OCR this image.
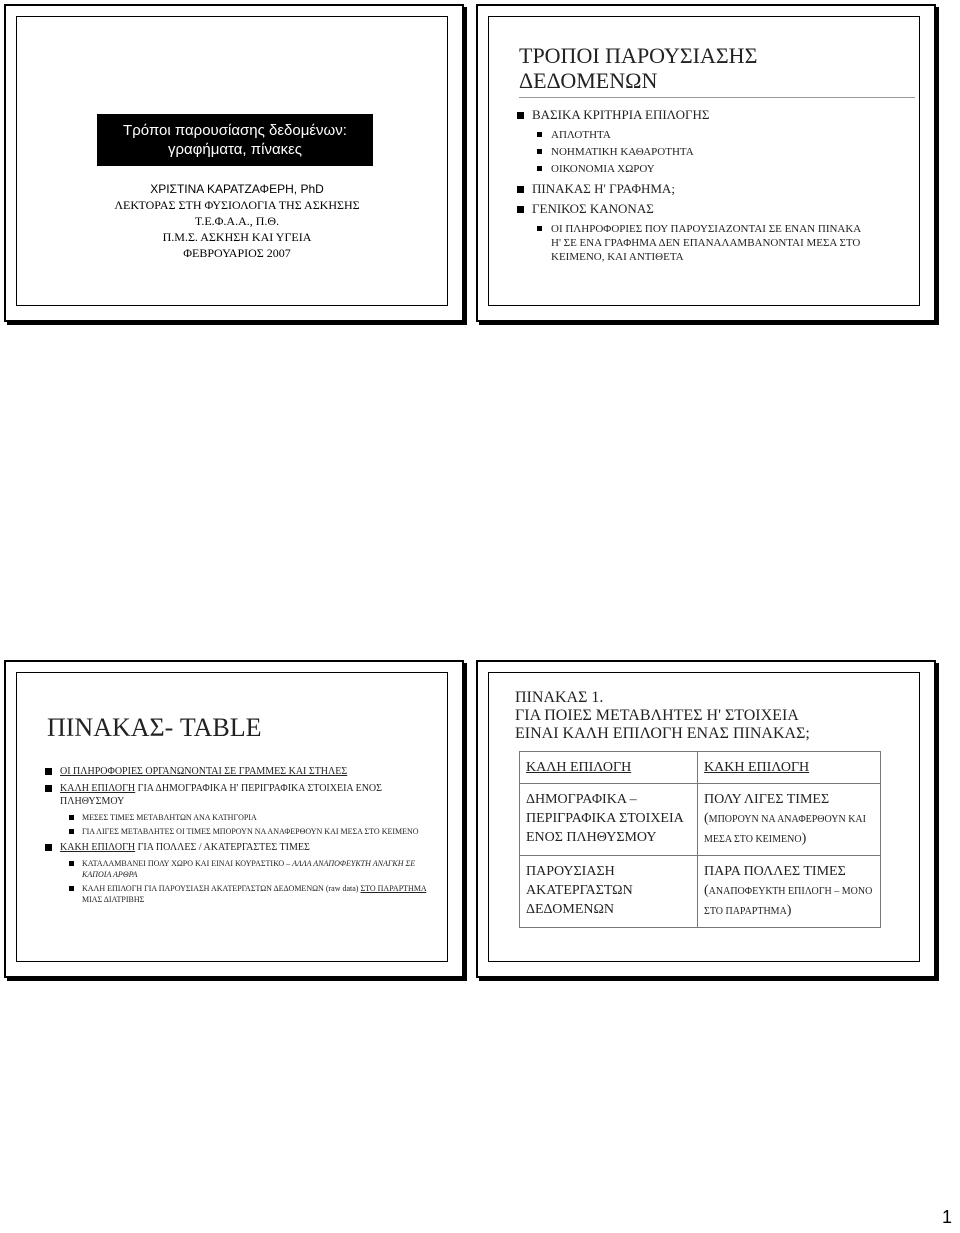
Τρόποι παρουσίασης δεδομένων:
γραφήματα, πίνακες
ΧΡΙΣΤΙΝΑ ΚΑΡΑΤΖΑΦΕΡΗ, PhD
ΛΕΚΤΟΡΑΣ ΣΤΗ ΦΥΣΙΟΛΟΓΙΑ ΤΗΣ ΑΣΚΗΣΗΣ
Τ.Ε.Φ.Α.Α., Π.Θ.
Π.Μ.Σ. ΑΣΚΗΣΗ ΚΑΙ ΥΓΕΙΑ
ΦΕΒΡΟΥΑΡΙΟΣ 2007
ΤΡΟΠΟΙ ΠΑΡΟΥΣΙΑΣΗΣ
ΔΕΔΟΜΕΝΩΝ
ΒΑΣΙΚΑ ΚΡΙΤΗΡΙΑ ΕΠΙΛΟΓΗΣ
ΑΠΛΟΤΗΤΑ
ΝΟΗΜΑΤΙΚΗ ΚΑΘΑΡΟΤΗΤΑ
ΟΙΚΟΝΟΜΙΑ ΧΩΡΟΥ
ΠΙΝΑΚΑΣ Η' ΓΡΑΦΗΜΑ;
ΓΕΝΙΚΟΣ ΚΑΝΟΝΑΣ
ΟΙ ΠΛΗΡΟΦΟΡΙΕΣ ΠΟΥ ΠΑΡΟΥΣΙΑΖΟΝΤΑΙ ΣΕ ΕΝΑΝ ΠΙΝΑΚΑ Η' ΣΕ ΕΝΑ ΓΡΑΦΗΜΑ ΔΕΝ ΕΠΑΝΑΛΑΜΒΑΝΟΝΤΑΙ ΜΕΣΑ ΣΤΟ ΚΕΙΜΕΝΟ, ΚΑΙ ΑΝΤΙΘΕΤΑ
ΠΙΝΑΚΑΣ- TABLE
ΟΙ ΠΛΗΡΟΦΟΡΙΕΣ ΟΡΓΑΝΩΝΟΝΤΑΙ ΣΕ ΓΡΑΜΜΕΣ ΚΑΙ ΣΤΗΛΕΣ
ΚΑΛΗ ΕΠΙΛΟΓΗ ΓΙΑ ΔΗΜΟΓΡΑΦΙΚΑ Η' ΠΕΡΙΓΡΑΦΙΚΑ ΣΤΟΙΧΕΙΑ ΕΝΟΣ ΠΛΗΘΥΣΜΟΥ
ΜΕΣΕΣ ΤΙΜΕΣ ΜΕΤΑΒΛΗΤΩΝ ΑΝΑ ΚΑΤΗΓΟΡΙΑ
ΓΙΑ ΛΙΓΕΣ ΜΕΤΑΒΛΗΤΕΣ ΟΙ ΤΙΜΕΣ ΜΠΟΡΟΥΝ ΝΑ ΑΝΑΦΕΡΘΟΥΝ ΚΑΙ ΜΕΣΑ ΣΤΟ ΚΕΙΜΕΝΟ
ΚΑΚΗ ΕΠΙΛΟΓΗ ΓΙΑ ΠΟΛΛΕΣ / ΑΚΑΤΕΡΓΑΣΤΕΣ ΤΙΜΕΣ
ΚΑΤΑΛΑΜΒΑΝΕΙ ΠΟΛΥ ΧΩΡΟ ΚΑΙ ΕΙΝΑΙ ΚΟΥΡΑΣΤΙΚΟ – ΑΛΛΑ ΑΝΑΠΟΦΕΥΚΤΗ ΑΝΑΓΚΗ ΣΕ ΚΑΠΟΙΑ ΑΡΘΡΑ
ΚΑΛΗ ΕΠΙΛΟΓΗ ΓΙΑ ΠΑΡΟΥΣΙΑΣΗ ΑΚΑΤΕΡΓΑΣΤΩΝ ΔΕΔΟΜΕΝΩΝ (raw data) ΣΤΟ ΠΑΡΑΡΤΗΜΑ ΜΙΑΣ ΔΙΑΤΡΙΒΗΣ
ΠΙΝΑΚΑΣ 1.
ΓΙΑ ΠΟΙΕΣ ΜΕΤΑΒΛΗΤΕΣ Η' ΣΤΟΙΧΕΙΑ
ΕΙΝΑΙ ΚΑΛΗ ΕΠΙΛΟΓΗ ΕΝΑΣ ΠΙΝΑΚΑΣ;
ΚΑΛΗ ΕΠΙΛΟΓΗ	ΚΑΚΗ ΕΠΙΛΟΓΗ
ΔΗΜΟΓΡΑΦΙΚΑ – ΠΕΡΙΓΡΑΦΙΚΑ ΣΤΟΙΧΕΙΑ ΕΝΟΣ ΠΛΗΘΥΣΜΟΥ	ΠΟΛΥ ΛΙΓΕΣ ΤΙΜΕΣ
(ΜΠΟΡΟΥΝ ΝΑ ΑΝΑΦΕΡΘΟΥΝ ΚΑΙ ΜΕΣΑ ΣΤΟ ΚΕΙΜΕΝΟ)
ΠΑΡΟΥΣΙΑΣΗ ΑΚΑΤΕΡΓΑΣΤΩΝ ΔΕΔΟΜΕΝΩΝ	ΠΑΡΑ ΠΟΛΛΕΣ ΤΙΜΕΣ
(ΑΝΑΠΟΦΕΥΚΤΗ ΕΠΙΛΟΓΗ – ΜΟΝΟ ΣΤΟ ΠΑΡΑΡΤΗΜΑ)
1
